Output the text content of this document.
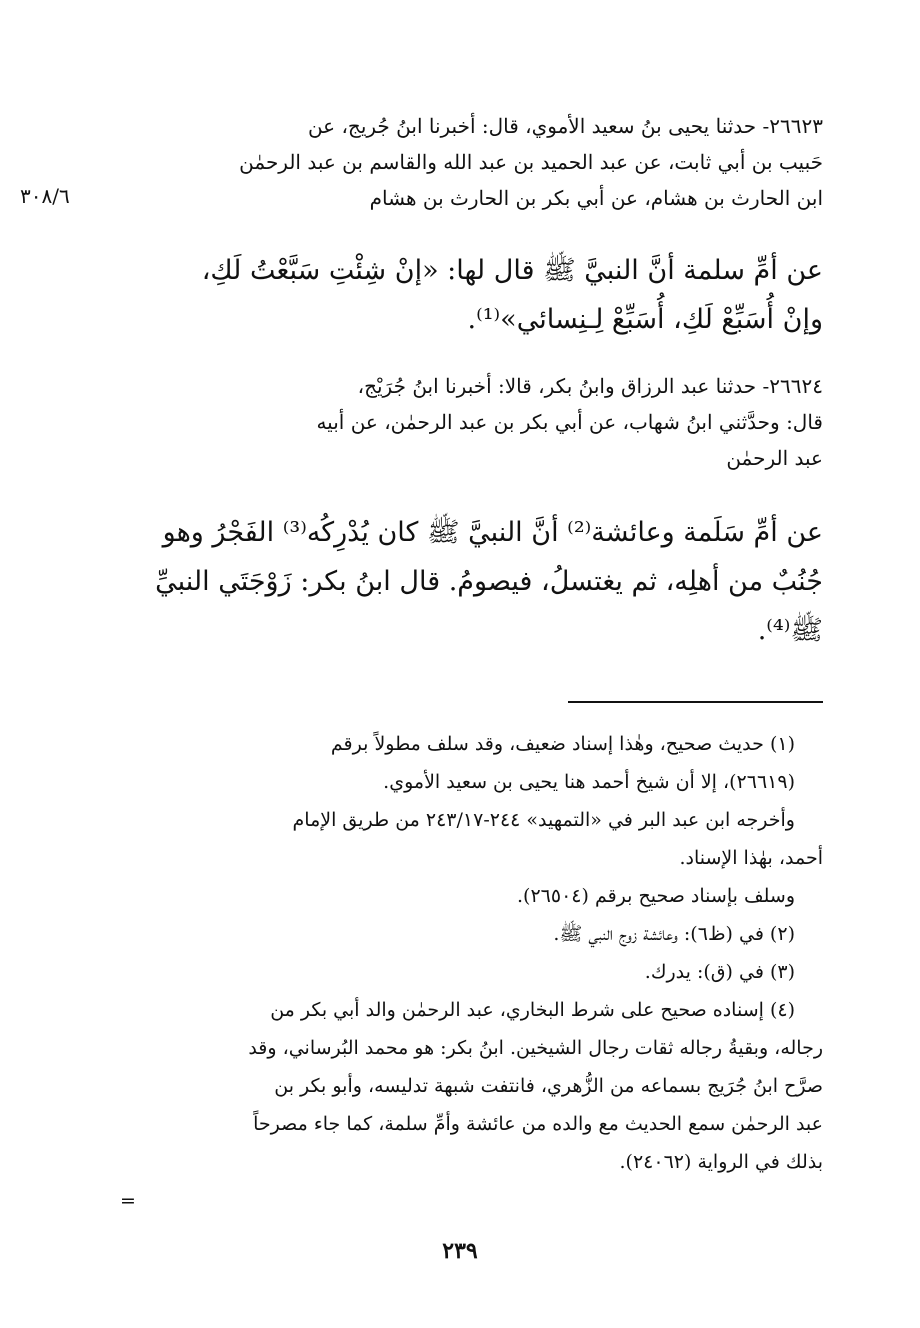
٣٠٨/٦
٢٦٦٢٣- حدثنا يحيى بنُ سعيد الأموي، قال: أخبرنا ابنُ جُريج، عن
حَبيب بن أبي ثابت، عن عبد الحميد بن عبد الله والقاسم بن عبد الرحمٰن
ابن الحارث بن هشام، عن أبي بكر بن الحارث بن هشام
عن أمِّ سلمة أنَّ النبيَّ ﷺ قال لها: «إنْ شِئْتِ سَبَّعْتُ لَكِ،
وإنْ أُسَبِّعْ لَكِ، أُسَبِّعْ لِـنِسائي»⁽¹⁾.
٢٦٦٢٤- حدثنا عبد الرزاق وابنُ بكر، قالا: أخبرنا ابنُ جُرَيْج،
قال: وحدَّثني ابنُ شهاب، عن أبي بكر بن عبد الرحمٰن، عن أبيه
عبد الرحمٰن
عن أمِّ سَلَمة وعائشة⁽²⁾ أنَّ النبيَّ ﷺ كان يُدْرِكُه⁽³⁾ الفَجْرُ وهو
جُنُبٌ من أهلِه، ثم يغتسلُ، فيصومُ. قال ابنُ بكر: زَوْجَتَي النبيِّ
ﷺ⁽⁴⁾.
(١) حديث صحيح، وهٰذا إسناد ضعيف، وقد سلف مطولاً برقم
(٢٦٦١٩)، إلا أن شيخ أحمد هنا يحيى بن سعيد الأموي.
وأخرجه ابن عبد البر في «التمهيد» ٢٤٤-٢٤٣/١٧ من طريق الإمام
أحمد، بهٰذا الإسناد.
وسلف بإسناد صحيح برقم (٢٦٥٠٤).
(٢) في (ظ٦): وعائشة زوج النبي ﷺ.
(٣) في (ق): يدرك.
(٤) إسناده صحيح على شرط البخاري، عبد الرحمٰن والد أبي بكر من
رجاله، وبقيةُ رجاله ثقات رجال الشيخين. ابنُ بكر: هو محمد البُرساني، وقد
صرَّح ابنُ جُرَيج بسماعه من الزُّهري، فانتفت شبهة تدليسه، وأبو بكر بن
عبد الرحمٰن سمع الحديث مع والده من عائشة وأمِّ سلمة، كما جاء مصرحاً
بذلك في الرواية (٢٤٠٦٢).
=
٢٣٩
